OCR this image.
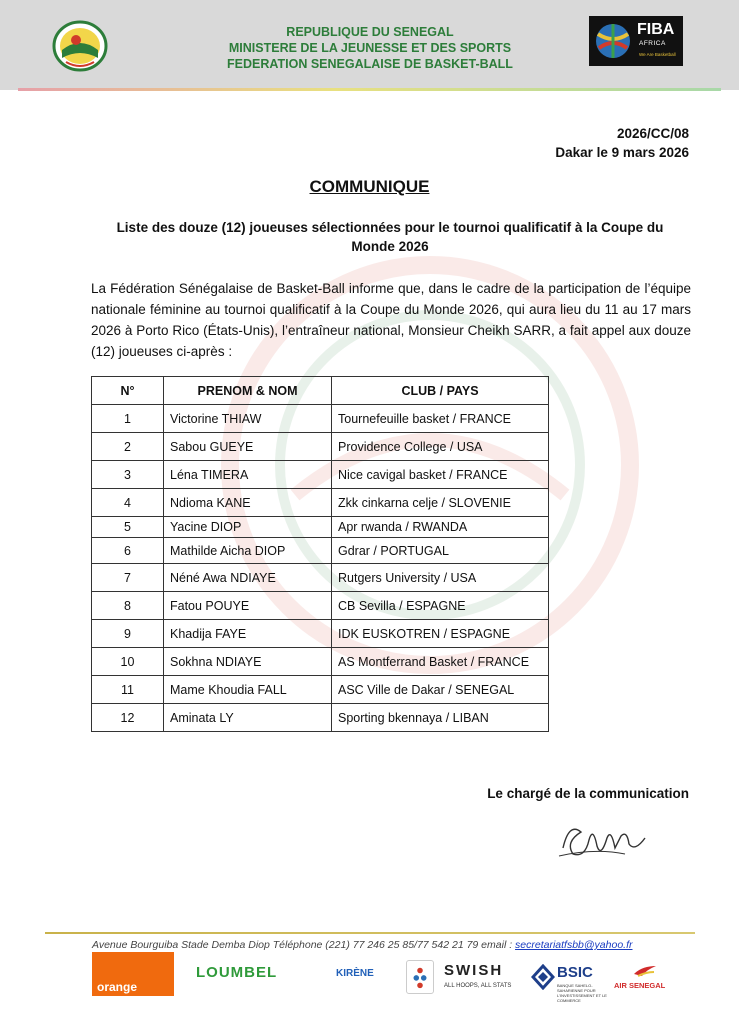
REPUBLIQUE DU SENEGAL
MINISTERE DE LA JEUNESSE ET DES SPORTS
FEDERATION SENEGALAISE DE BASKET-BALL
FIBA
AFRICA
We Are Basketball
2026/CC/08
Dakar le 9 mars 2026
COMMUNIQUE
Liste des douze (12) joueuses sélectionnées pour le tournoi qualificatif à la Coupe du Monde 2026

La Fédération Sénégalaise de Basket-Ball informe que, dans le cadre de la participation de l’équipe nationale féminine au tournoi qualificatif à la Coupe du Monde 2026, qui aura lieu du 11 au 17 mars 2026 à Porto Rico (États-Unis), l’entraîneur national, Monsieur Cheikh SARR, a fait appel aux douze (12) joueuses ci-après :

N°	PRENOM & NOM	CLUB / PAYS
1	Victorine THIAW	Tournefeuille basket / FRANCE
2	Sabou GUEYE	Providence College / USA
3	Léna TIMERA	Nice cavigal basket / FRANCE
4	Ndioma KANE	Zkk cinkarna celje / SLOVENIE
5	Yacine DIOP	Apr rwanda / RWANDA
6	Mathilde Aicha DIOP	Gdrar / PORTUGAL
7	Néné Awa NDIAYE	Rutgers University / USA
8	Fatou POUYE	CB Sevilla / ESPAGNE
9	Khadija FAYE	IDK EUSKOTREN / ESPAGNE
10	Sokhna NDIAYE	AS Montferrand Basket / FRANCE
11	Mame Khoudia FALL	ASC Ville de Dakar / SENEGAL
12	Aminata LY	Sporting bkennaya / LIBAN
Le chargé de la communication
Avenue Bourguiba Stade Demba Diop Téléphone (221) 77 246 25 85/77 542 21 79 email : secretariatfsbb@yahoo.fr
orange
LOUMBEL	KIRÈNE	SWISH
ALL HOOPS, ALL STATS
BSIC
BANQUE SAHELO-SAHARIENNE POUR L'INVESTISSEMENT ET LE COMMERCE
AIR SENEGAL
